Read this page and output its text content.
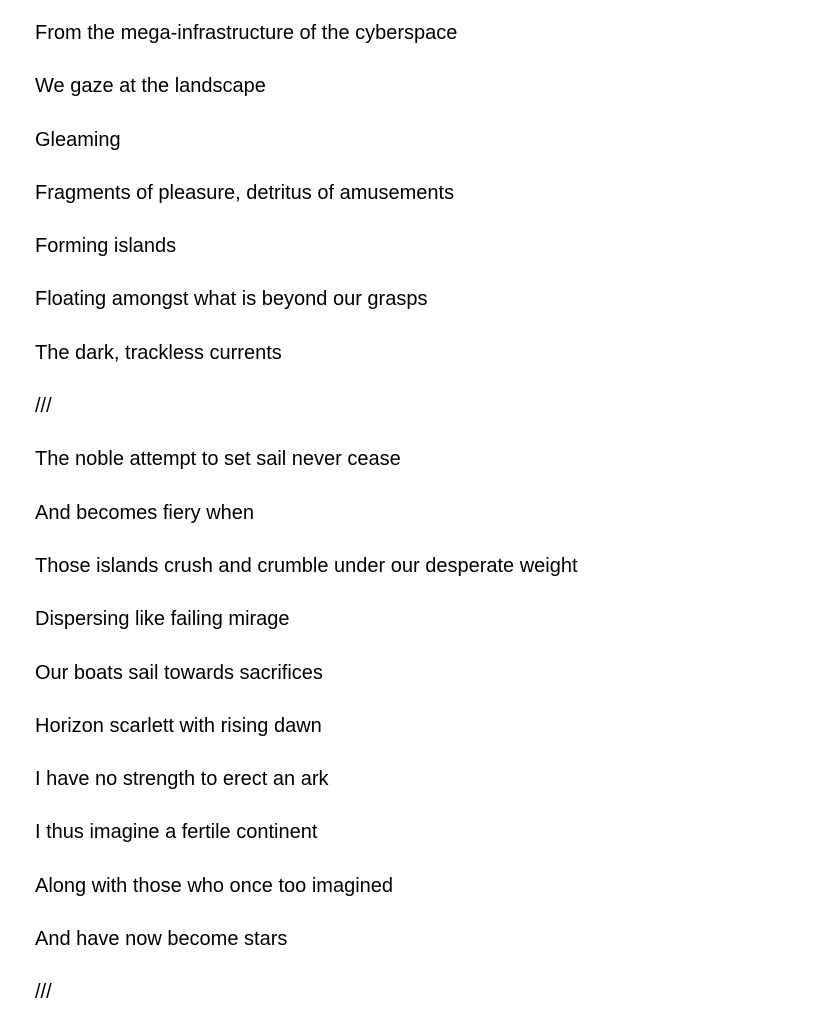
From the mega-infrastructure of the cyberspace
We gaze at the landscape
Gleaming
Fragments of pleasure, detritus of amusements
Forming islands
Floating amongst what is beyond our grasps
The dark, trackless currents
///
The noble attempt to set sail never cease
And becomes fiery when
Those islands crush and crumble under our desperate weight
Dispersing like failing mirage
Our boats sail towards sacrifices
Horizon scarlett with rising dawn
I have no strength to erect an ark
I thus imagine a fertile continent
Along with those who once too imagined
And have now become stars
///
